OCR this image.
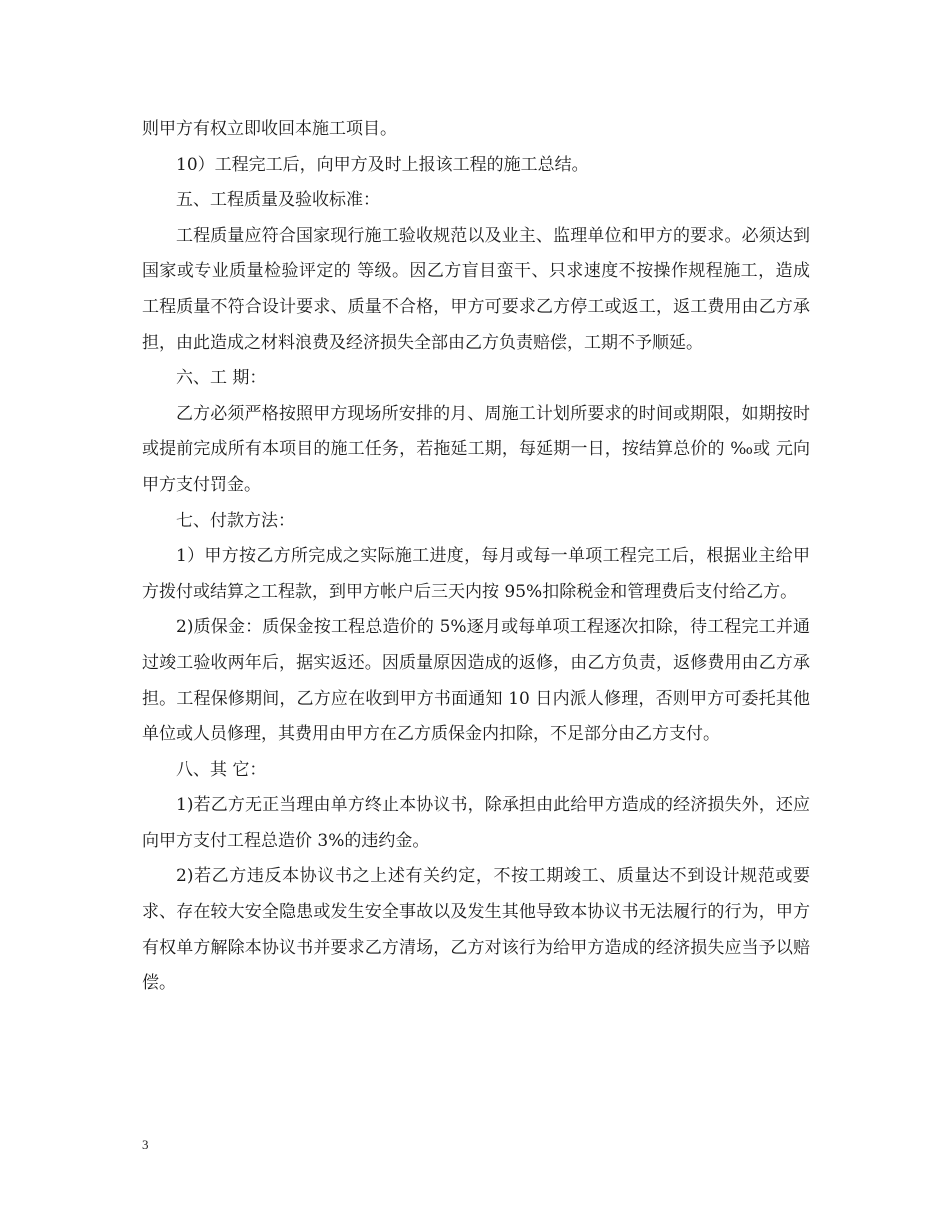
则甲方有权立即收回本施工项目。

10）工程完工后，向甲方及时上报该工程的施工总结。

五、工程质量及验收标准：

工程质量应符合国家现行施工验收规范以及业主、监理单位和甲方的要求。必须达到国家或专业质量检验评定的 等级。因乙方盲目蛮干、只求速度不按操作规程施工，造成工程质量不符合设计要求、质量不合格，甲方可要求乙方停工或返工，返工费用由乙方承担，由此造成之材料浪费及经济损失全部由乙方负责赔偿，工期不予顺延。

六、工 期：

乙方必须严格按照甲方现场所安排的月、周施工计划所要求的时间或期限，如期按时或提前完成所有本项目的施工任务，若拖延工期，每延期一日，按结算总价的 ‰或 元向甲方支付罚金。

七、付款方法：

1）甲方按乙方所完成之实际施工进度，每月或每一单项工程完工后，根据业主给甲方拨付或结算之工程款，到甲方帐户后三天内按 95%扣除税金和管理费后支付给乙方。

2)质保金：质保金按工程总造价的 5%逐月或每单项工程逐次扣除，待工程完工并通过竣工验收两年后，据实返还。因质量原因造成的返修，由乙方负责，返修费用由乙方承担。工程保修期间，乙方应在收到甲方书面通知 10 日内派人修理，否则甲方可委托其他单位或人员修理，其费用由甲方在乙方质保金内扣除，不足部分由乙方支付。

八、其 它：

1)若乙方无正当理由单方终止本协议书，除承担由此给甲方造成的经济损失外，还应向甲方支付工程总造价 3%的违约金。

2)若乙方违反本协议书之上述有关约定，不按工期竣工、质量达不到设计规范或要求、存在较大安全隐患或发生安全事故以及发生其他导致本协议书无法履行的行为，甲方有权单方解除本协议书并要求乙方清场，乙方对该行为给甲方造成的经济损失应当予以赔偿。

3
